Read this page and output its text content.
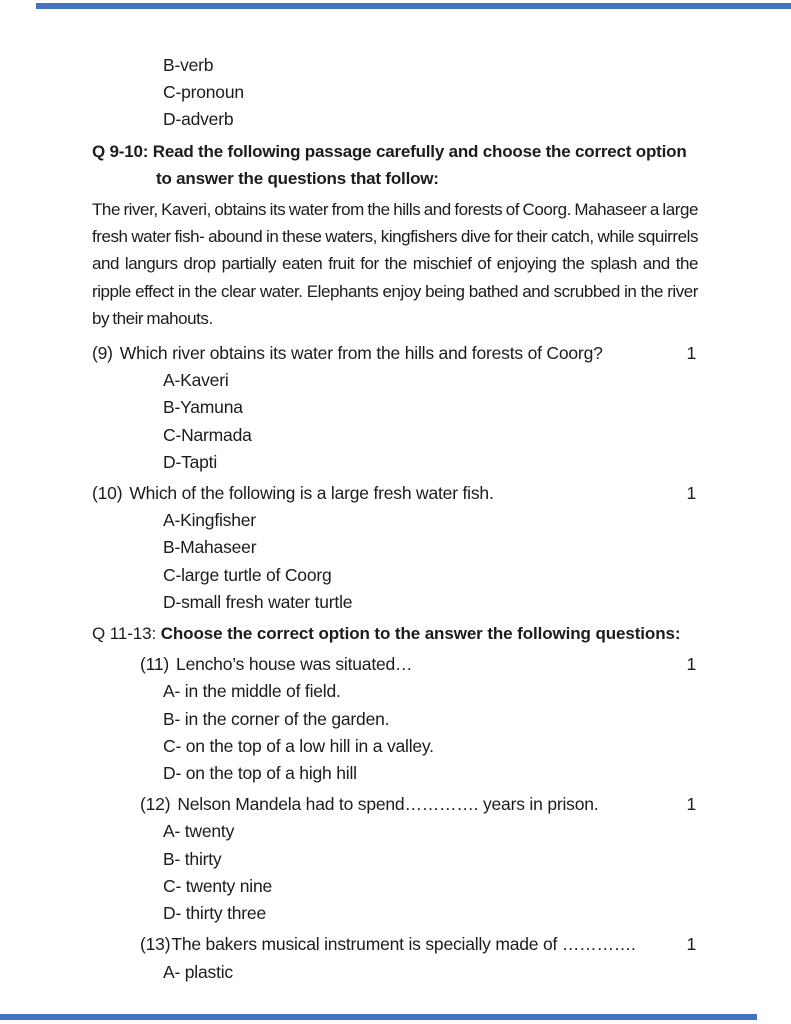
B-verb
C-pronoun
D-adverb
Q 9-10: Read the following passage carefully and choose the correct option to answer the questions that follow:

The river, Kaveri, obtains its water from the hills and forests of Coorg. Mahaseer a large fresh water fish- abound in these waters, kingfishers dive for their catch, while squirrels and langurs drop partially eaten fruit for the mischief of enjoying the splash and the ripple effect in the clear water. Elephants enjoy being bathed and scrubbed in the river by their mahouts.

(9) Which river obtains its water from the hills and forests of Coorg?	1
A-Kaveri
B-Yamuna
C-Narmada
D-Tapti
(10) Which of the following is a large fresh water fish.	1
A-Kingfisher
B-Mahaseer
C-large turtle of Coorg
D-small fresh water turtle
Q 11-13: Choose the correct option to the answer the following questions:
(11) Lencho’s house was situated…	1
A- in the middle of field.
B- in the corner of the garden.
C- on the top of a low hill in a valley.
D- on the top of a high hill
(12) Nelson Mandela had to spend…………. years in prison.	1
A- twenty
B- thirty
C- twenty nine
D- thirty three
(13)The bakers musical instrument is specially made of ………….	1
A- plastic
